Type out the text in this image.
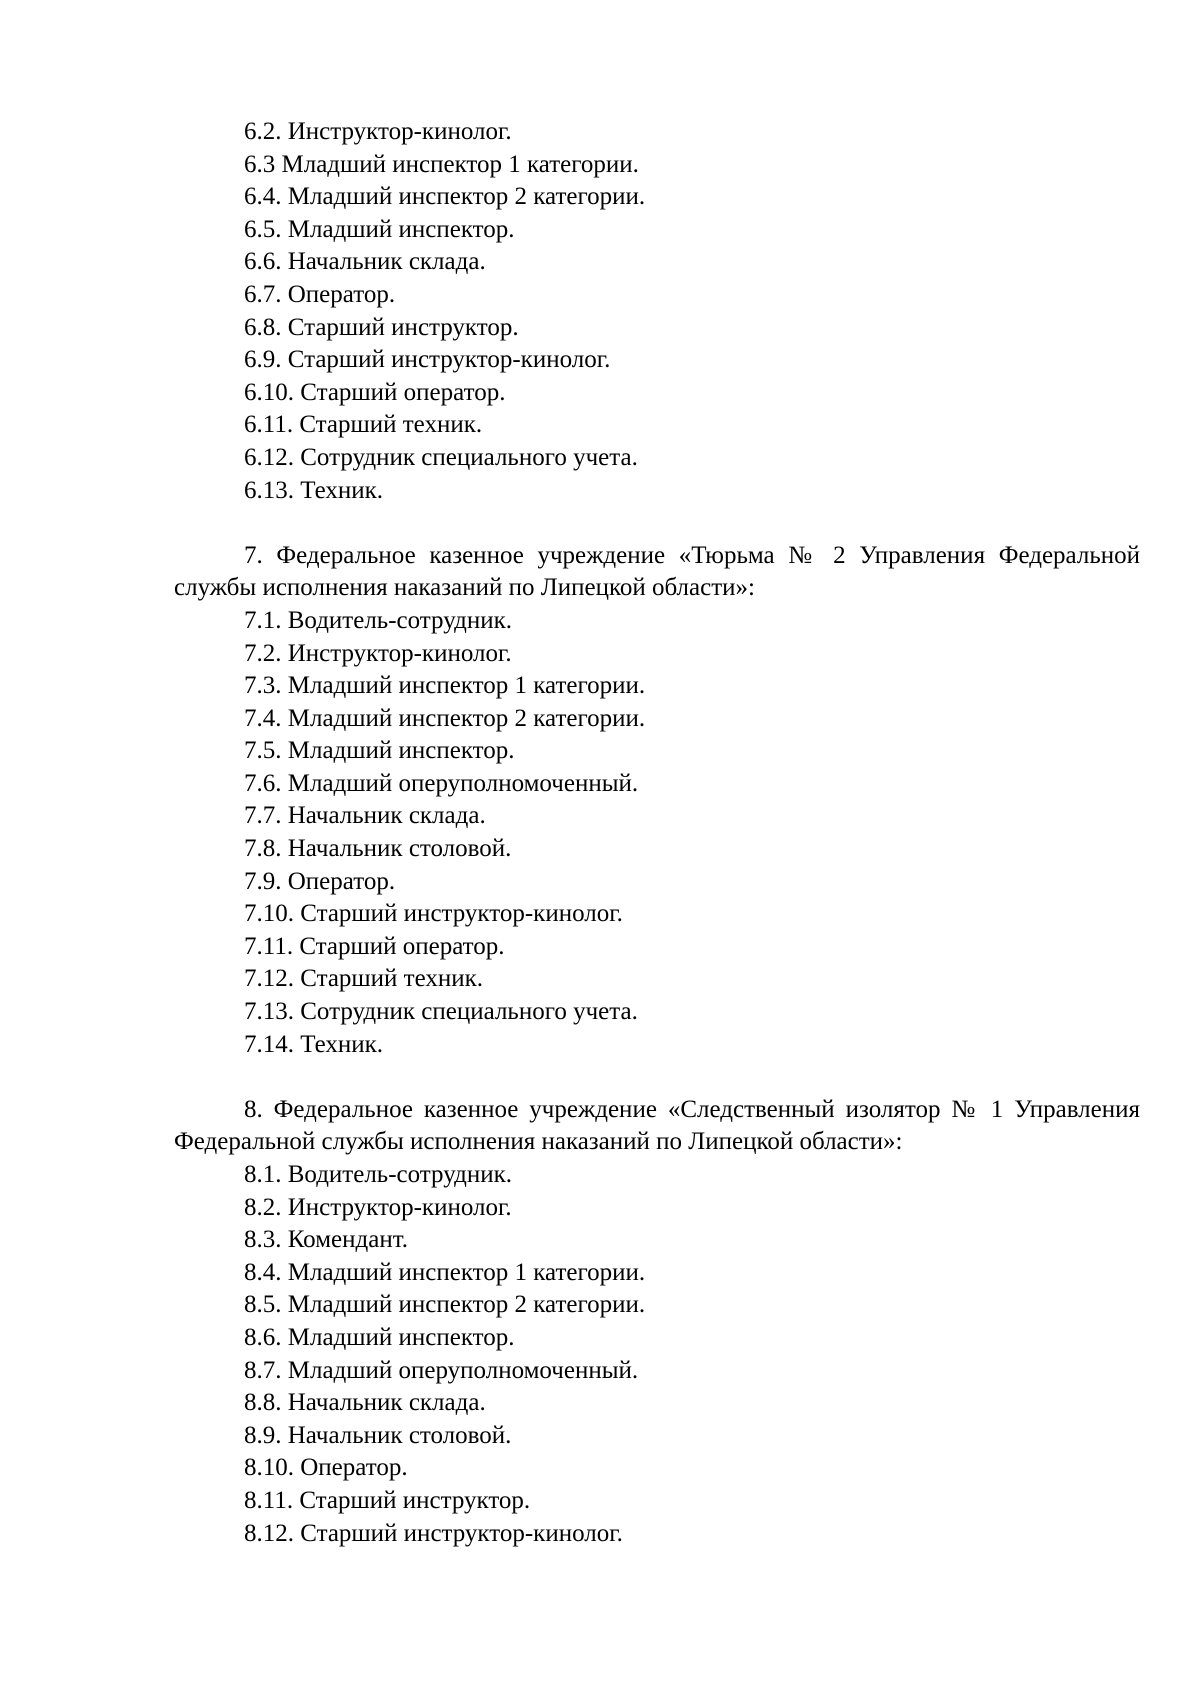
6.2. Инструктор-кинолог.
6.3 Младший инспектор 1 категории.
6.4. Младший инспектор 2 категории.
6.5. Младший инспектор.
6.6. Начальник склада.
6.7. Оператор.
6.8. Старший инструктор.
6.9. Старший инструктор-кинолог.
6.10. Старший оператор.
6.11. Старший техник.
6.12. Сотрудник специального учета.
6.13. Техник.
7. Федеральное казенное учреждение «Тюрьма № 2 Управления Федеральной службы исполнения наказаний по Липецкой области»:
7.1. Водитель-сотрудник.
7.2. Инструктор-кинолог.
7.3. Младший инспектор 1 категории.
7.4. Младший инспектор 2 категории.
7.5. Младший инспектор.
7.6. Младший оперуполномоченный.
7.7. Начальник склада.
7.8. Начальник столовой.
7.9. Оператор.
7.10. Старший инструктор-кинолог.
7.11. Старший оператор.
7.12. Старший техник.
7.13. Сотрудник специального учета.
7.14. Техник.
8. Федеральное казенное учреждение «Следственный изолятор № 1 Управления Федеральной службы исполнения наказаний по Липецкой области»:
8.1. Водитель-сотрудник.
8.2. Инструктор-кинолог.
8.3. Комендант.
8.4. Младший инспектор 1 категории.
8.5. Младший инспектор 2 категории.
8.6. Младший инспектор.
8.7. Младший оперуполномоченный.
8.8. Начальник склада.
8.9. Начальник столовой.
8.10. Оператор.
8.11. Старший инструктор.
8.12. Старший инструктор-кинолог.
